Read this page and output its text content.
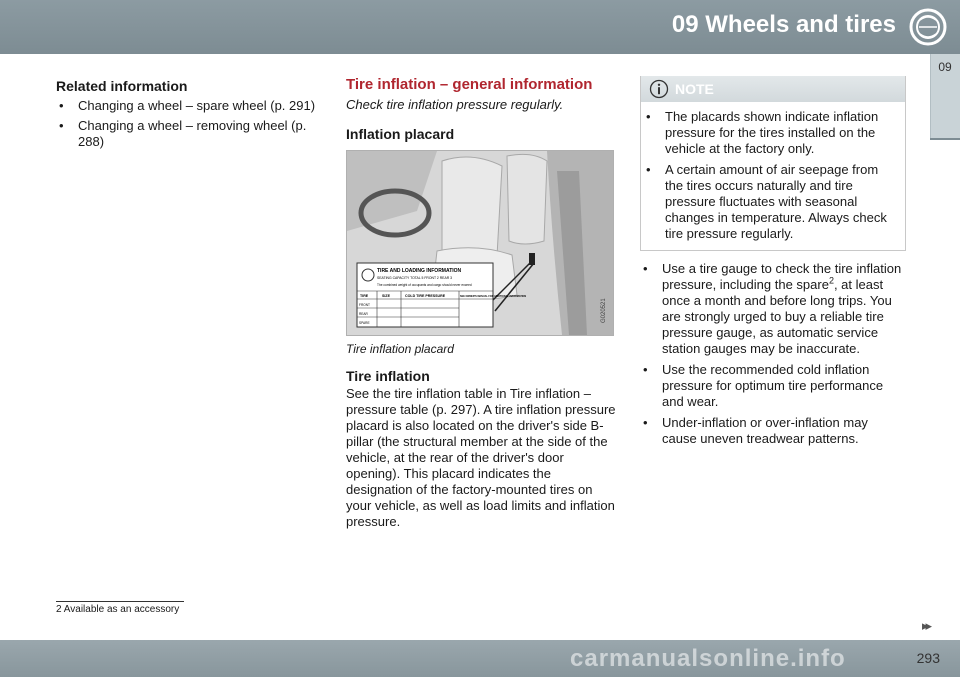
09 Wheels and tires
09
Related information
• Changing a wheel – spare wheel (p. 291)
• Changing a wheel – removing wheel (p. 288)
Tire inflation – general information

Check tire inflation pressure regularly.

Inflation placard
TIRE AND LOADING INFORMATION
SEATING CAPACITY TOTAL 5 FRONT 2 REAR 3
The combined weight of occupants and cargo should never exceed
TIRE	SIZE	COLD TIRE PRESSURE	SEE OWNER'S MANUAL FOR ADDITIONAL INFORMATION
FRONT
REAR
SPARE	G020521
Tire inflation placard
Tire inflation

See the tire inflation table in Tire inflation – pressure table (p. 297). A tire inflation pressure placard is also located on the driver's side B-pillar (the structural member at the side of the vehicle, at the rear of the driver's door opening). This placard indicates the designation of the factory-mounted tires on your vehicle, as well as load limits and inflation pressure.

NOTE
• The placards shown indicate inflation pressure for the tires installed on the vehicle at the factory only.
• A certain amount of air seepage from the tires occurs naturally and tire pressure fluctuates with seasonal changes in temperature. Always check tire pressure regularly.
• Use a tire gauge to check the tire inflation pressure, including the spare$^2$, at least once a month and before long trips. You are strongly urged to buy a reliable tire pressure gauge, as automatic service station gauges may be inaccurate.
• Use the recommended cold inflation pressure for optimum tire performance and wear.
• Under-inflation or over-inflation may cause uneven treadwear patterns.
2 Available as an accessory
carmanualsonline.info
▸▸
293
